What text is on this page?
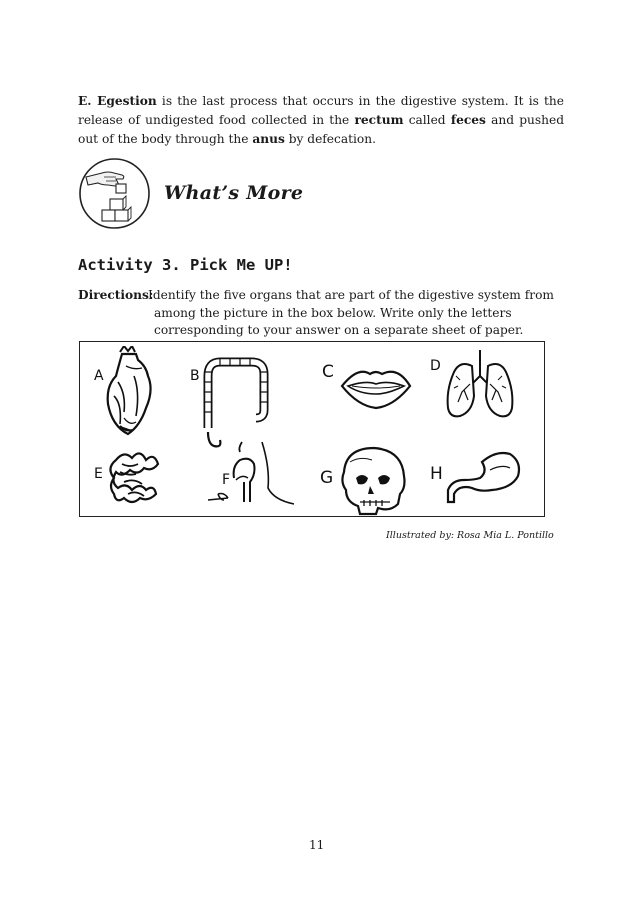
E. Egestion is the last process that occurs in the digestive system. It is the release of undigested food collected in the rectum called feces and pushed out of the body through the anus by defecation.
What’s More
Activity 3. Pick Me UP!
Directions:
Identify the five organs that are part of the digestive system from
among the picture in the box below. Write only the letters
corresponding to your answer on a separate sheet of paper.
A	B	C	D
E	F	G	H
Illustrated by: Rosa Mia L. Pontillo
11
